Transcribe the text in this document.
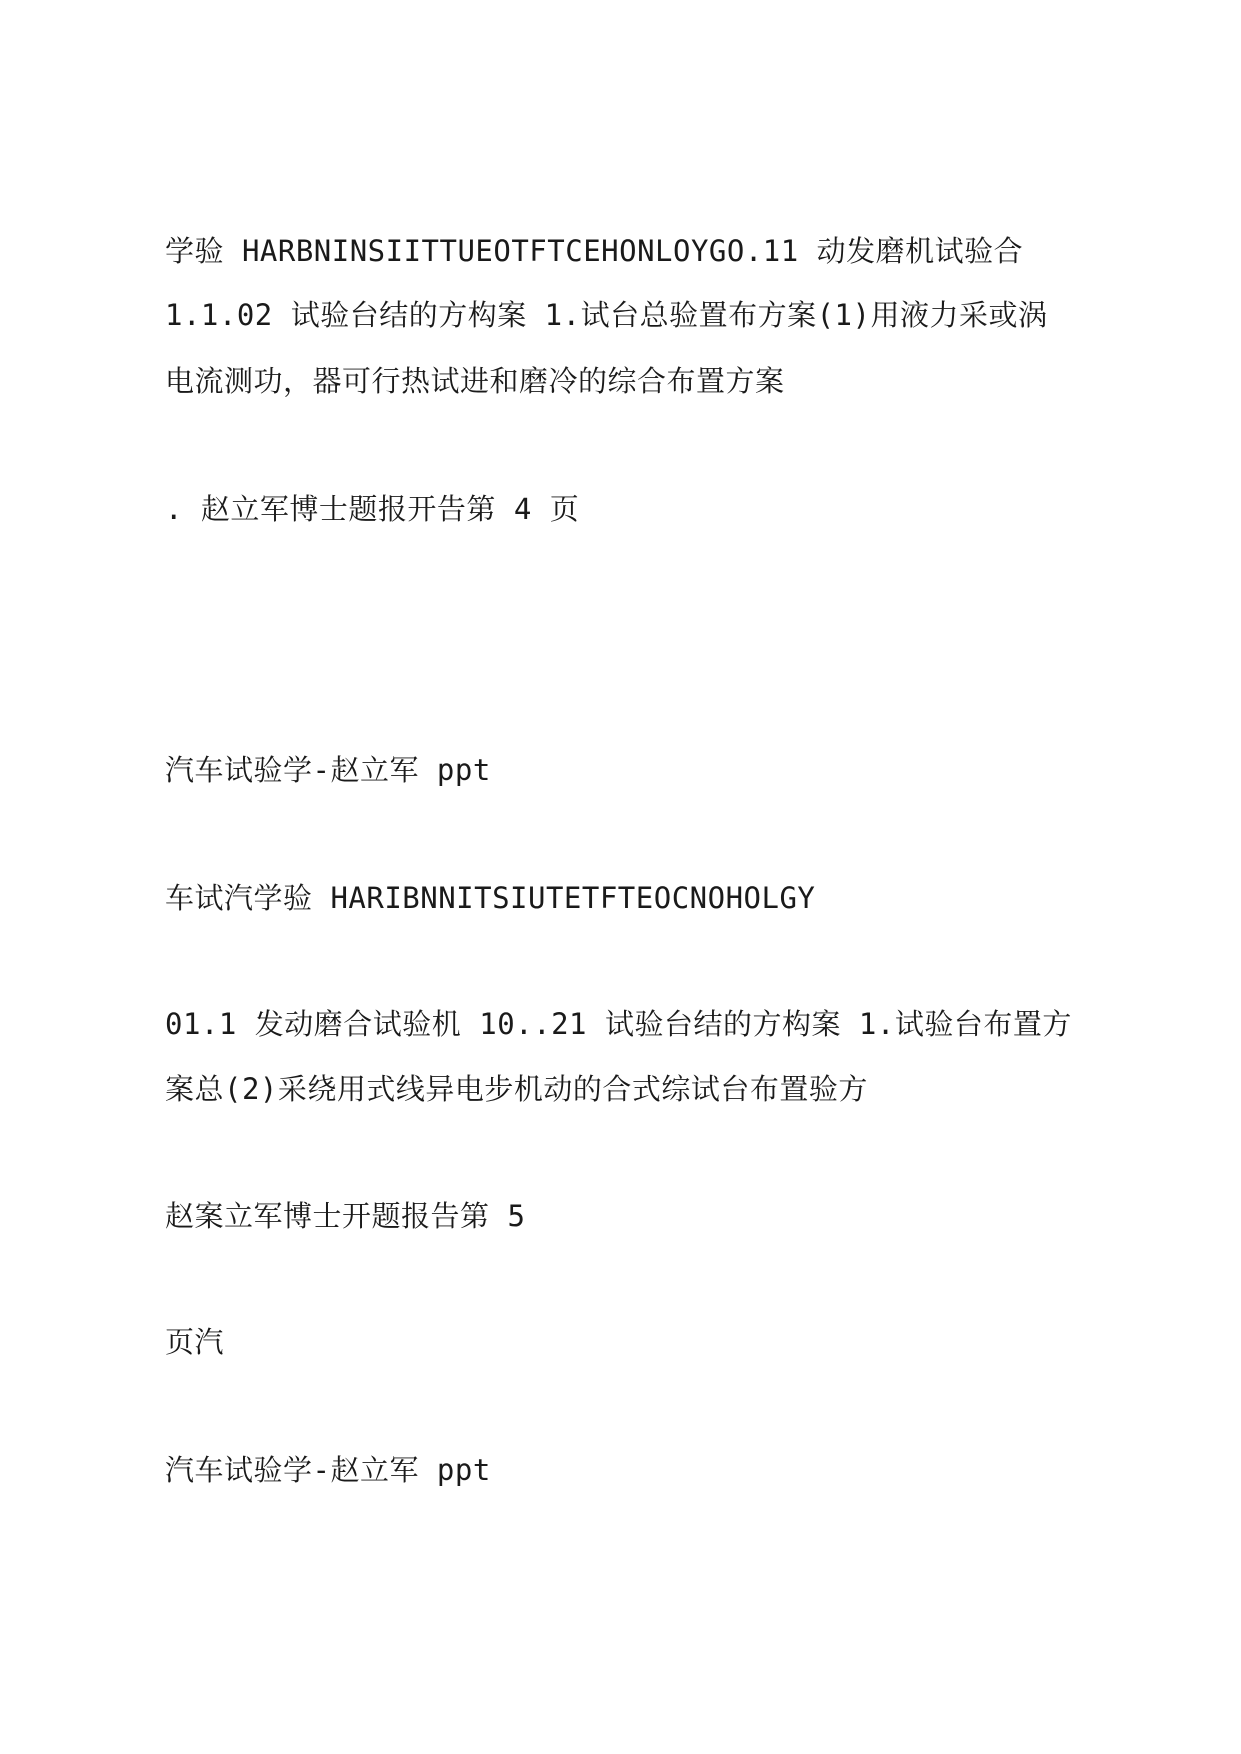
学验 HARBNINSIITTUEOTFTCEHONLOYGO.11 动发磨机试验合
1.1.02 试验台结的方构案 1.试台总验置布方案(1)用液力采或涡
电流测功，器可行热试进和磨冷的综合布置方案
. 赵立军博士题报开告第 4 页
汽车试验学-赵立军 ppt
车试汽学验 HARIBNNITSIUTETFTEOCNOHOLGY
01.1 发动磨合试验机 10..21 试验台结的方构案 1.试验台布置方
案总(2)采绕用式线异电步机动的合式综试台布置验方
赵案立军博士开题报告第 5
页汽
汽车试验学-赵立军 ppt
